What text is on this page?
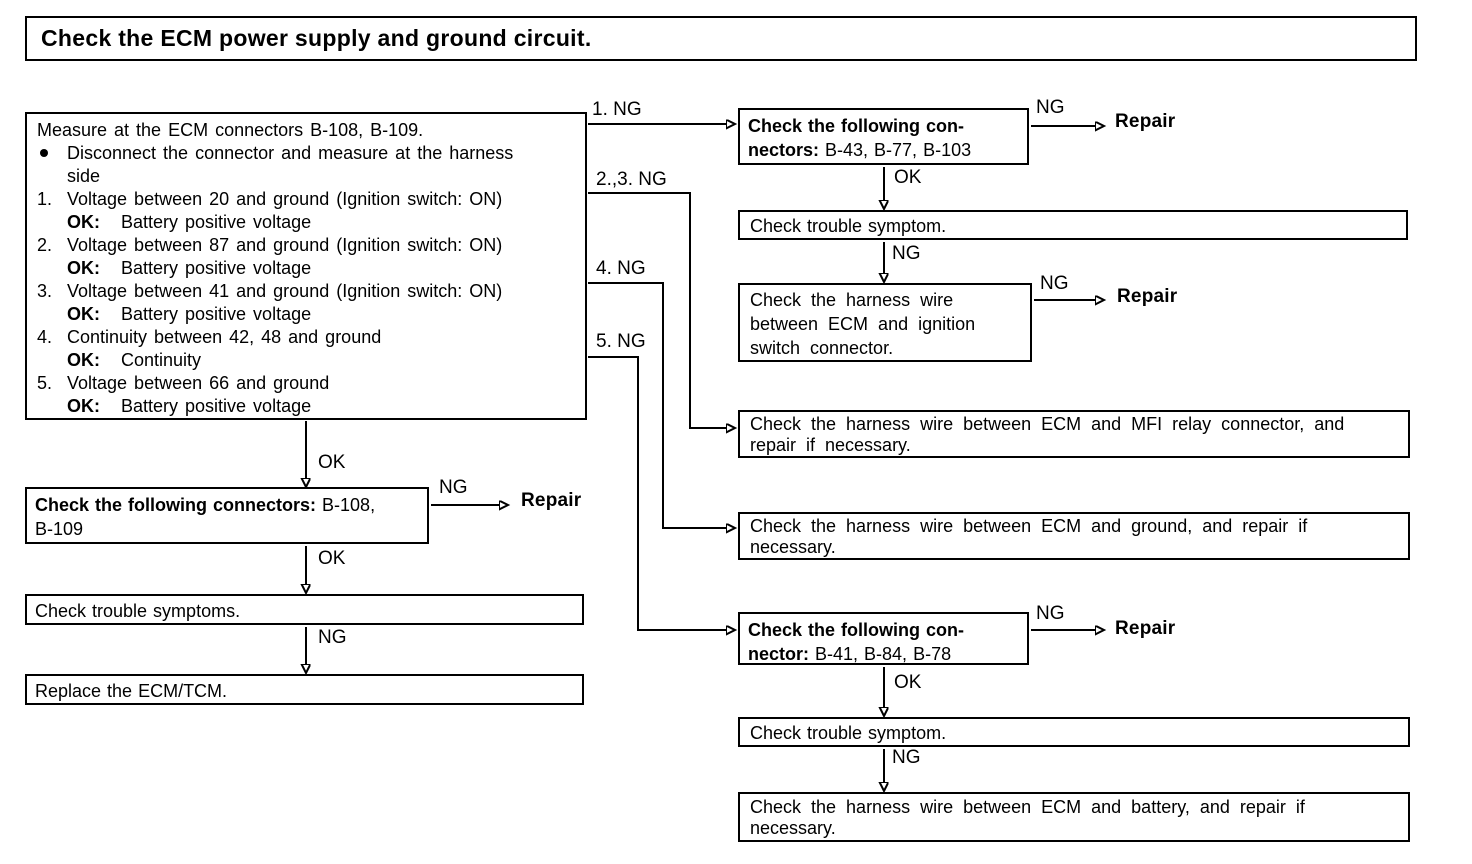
Check the ECM power supply and ground circuit.
Measure at the ECM connectors B-108, B-109.
Disconnect the connector and measure at the harness side
1. Voltage between 20 and ground (Ignition switch: ON)
OK: Battery positive voltage
2. Voltage between 87 and ground (Ignition switch: ON)
OK: Battery positive voltage
3. Voltage between 41 and ground (Ignition switch: ON)
OK: Battery positive voltage
4. Continuity between 42, 48 and ground
OK: Continuity
5. Voltage between 66 and ground
OK: Battery positive voltage
Check the following connectors: B-108,
B-109
Check trouble symptoms.
Replace the ECM/TCM.
1. NG
2.,3. NG
4. NG
5. NG
OK
NG
Repair
OK
NG
Check the following con-
nectors: B-43, B-77, B-103
NG
Repair
OK
Check trouble symptom.
NG
Check the harness wire between ECM and ignition switch connector.
NG
Repair
Check the harness wire between ECM and MFI relay connector, and repair if necessary.
Check the harness wire between ECM and ground, and repair if necessary.
Check the following con-
nector: B-41, B-84, B-78
NG
Repair
OK
Check trouble symptom.
NG
Check the harness wire between ECM and battery, and repair if necessary.
